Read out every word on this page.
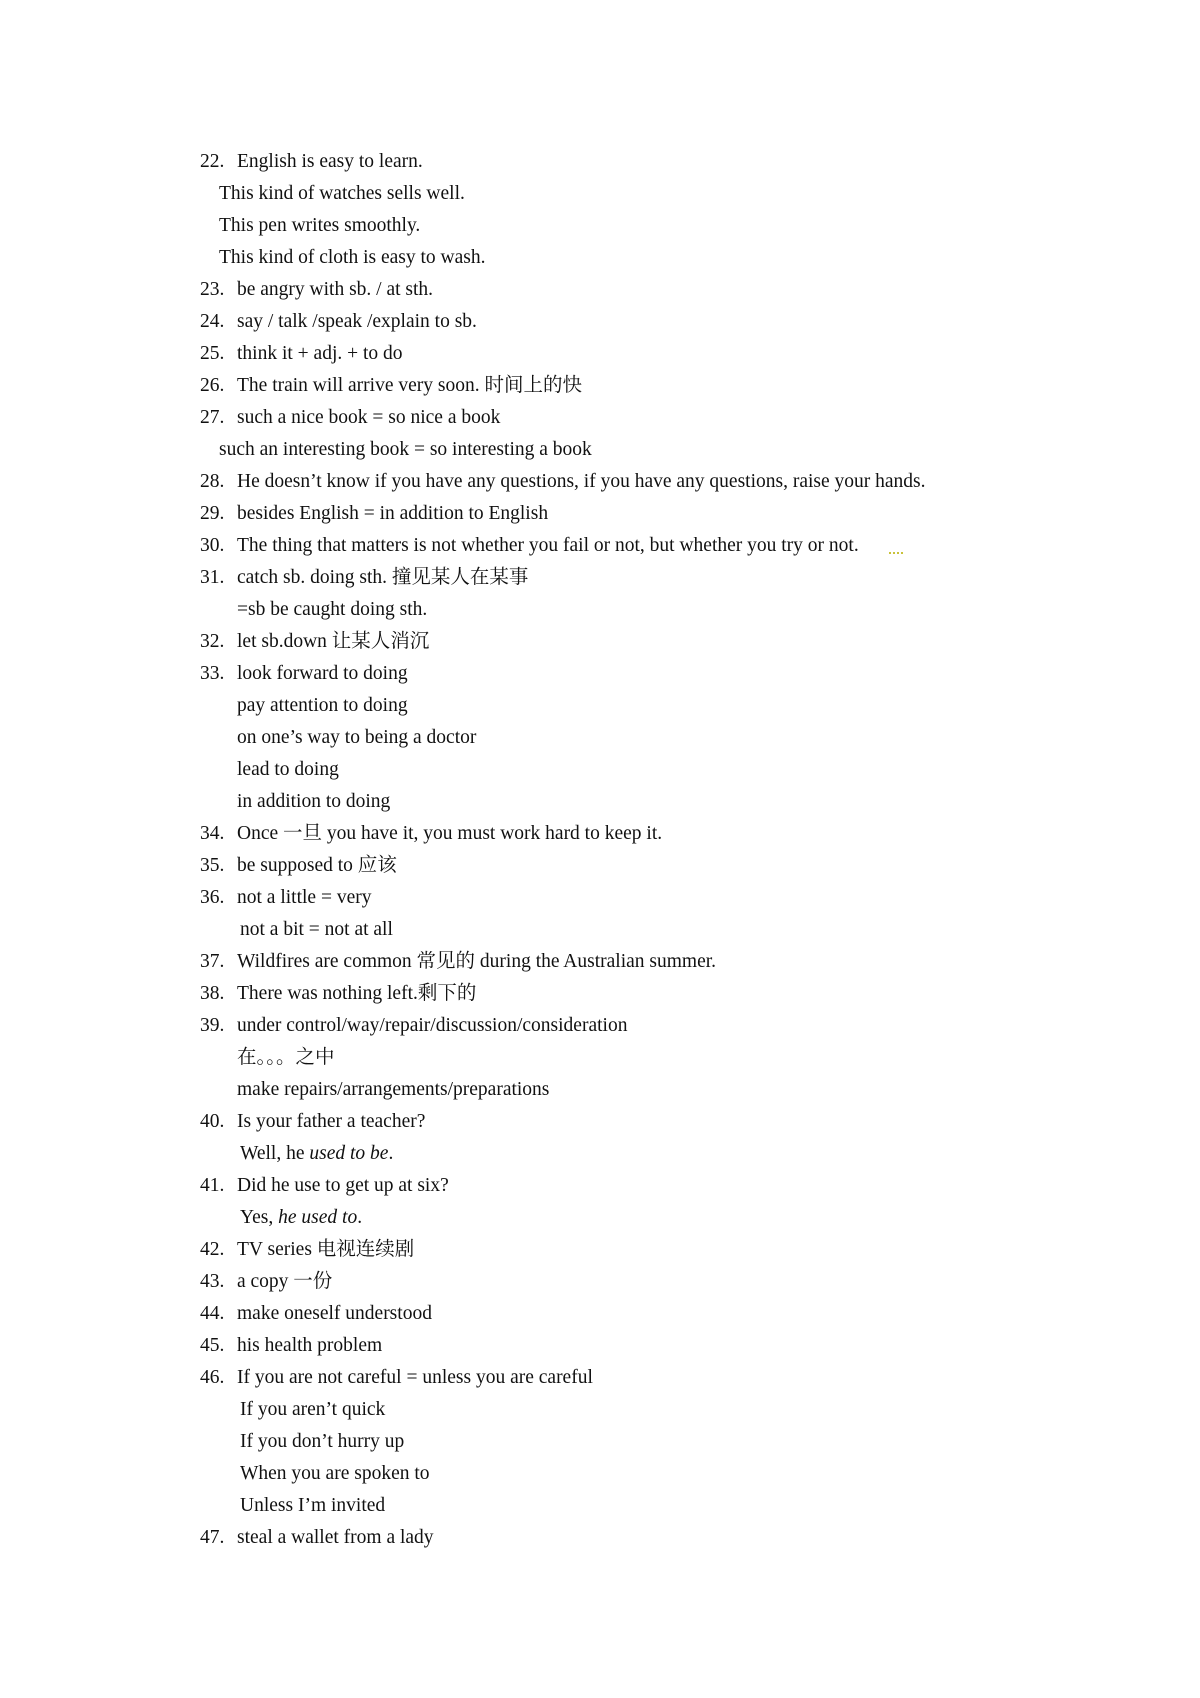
22. English is easy to learn.
This kind of watches sells well.
This pen writes smoothly.
This kind of cloth is easy to wash.
23. be angry with sb. / at sth.
24. say / talk /speak /explain to sb.
25. think it + adj. + to do
26. The train will arrive very soon. 时间上的快
27. such a nice book = so nice a book
such an interesting book = so interesting a book
28. He doesn’t know if you have any questions, if you have any questions, raise your hands.
29. besides English = in addition to English
30. The thing that matters is not whether you fail or not, but whether you try or not.
31. catch sb. doing sth. 撞见某人在某事
=sb be caught doing sth.
32. let sb.down 让某人消沉
33. look forward to doing
pay attention to doing
on one’s way to being a doctor
lead to doing
in addition to doing
34. Once 一旦 you have it, you must work hard to keep it.
35. be supposed to 应该
36. not a little = very
not a bit = not at all
37. Wildfires are common 常见的 during the Australian summer.
38. There was nothing left.剩下的
39. under control/way/repair/discussion/consideration
在。。。之中
make repairs/arrangements/preparations
40. Is your father a teacher?
Well, he used to be.
41. Did he use to get up at six?
Yes, he used to.
42. TV series 电视连续剧
43. a copy 一份
44. make oneself understood
45. his health problem
46. If you are not careful = unless you are careful
If you aren’t quick
If you don’t hurry up
When you are spoken to
Unless I’m invited
47. steal a wallet from a lady
